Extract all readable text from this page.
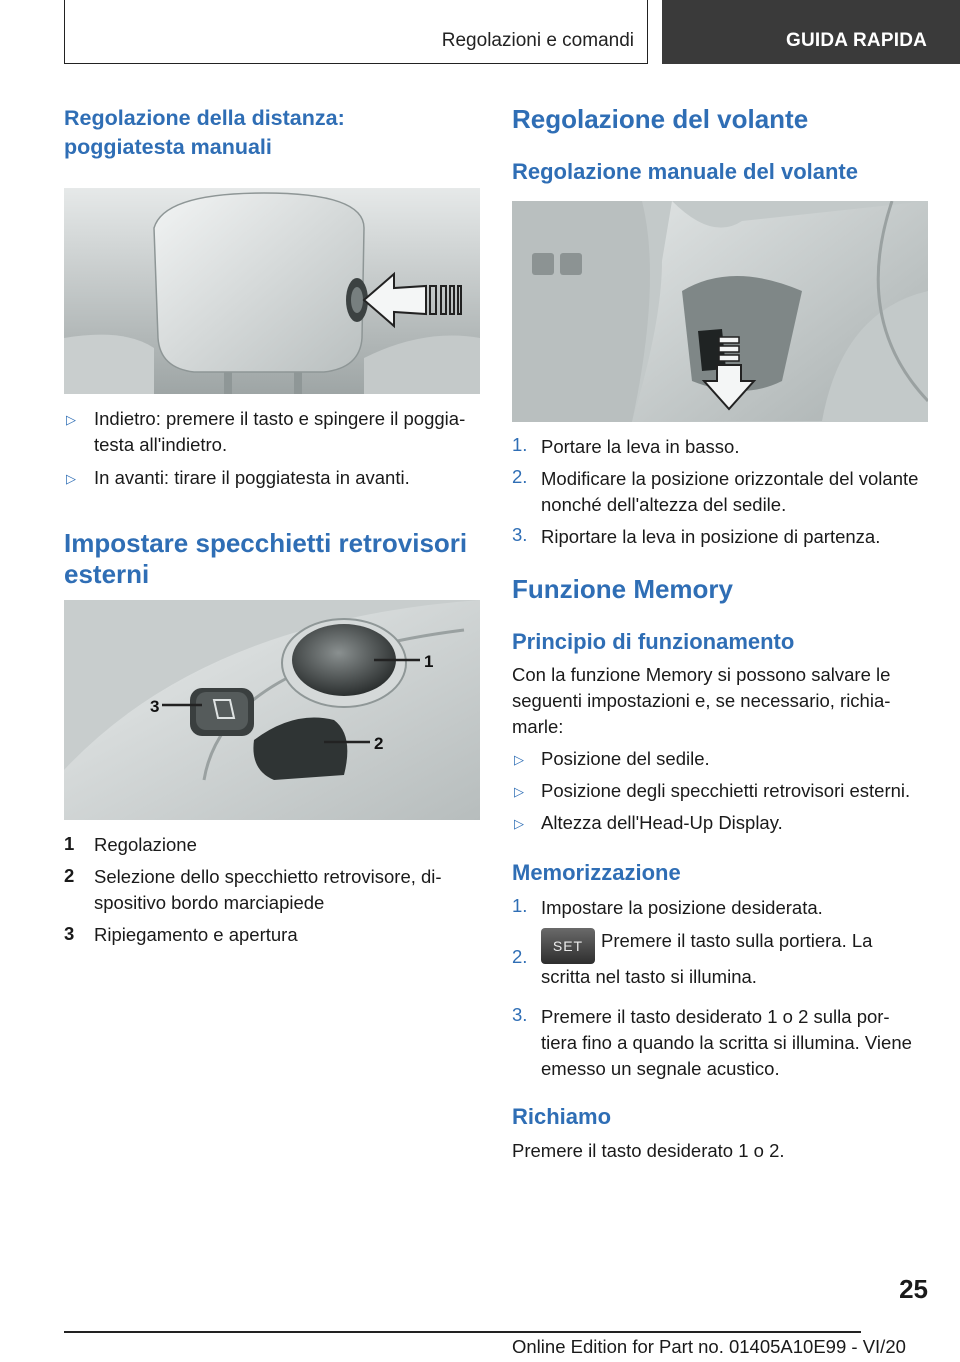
Regolazioni e comandi	GUIDA RAPIDA
Regolazione della distanza:
poggiatesta manuali
▷ Indietro: premere il tasto e spingere il poggia-
testa all'indietro.
▷ In avanti: tirare il poggiatesta in avanti.
Impostare specchietti retrovisori
esterni
1
2
3
1 Regolazione
2 Selezione dello specchietto retrovisore, di-
spositivo bordo marciapiede
3 Ripiegamento e apertura
Regolazione del volante
Regolazione manuale del volante
1. Portare la leva in basso.
2. Modificare la posizione orizzontale del volante
nonché dell'altezza del sedile.
3. Riportare la leva in posizione di partenza.
Funzione Memory
Principio di funzionamento
Con la funzione Memory si possono salvare le
seguenti impostazioni e, se necessario, richia-
marle:
▷ Posizione del sedile.
▷ Posizione degli specchietti retrovisori esterni.
▷ Altezza dell'Head-Up Display.
Memorizzazione
1. Impostare la posizione desiderata.
2.	SET Premere il tasto sulla portiera. La
scritta nel tasto si illumina.
3. Premere il tasto desiderato 1 o 2 sulla por-
tiera fino a quando la scritta si illumina. Viene
emesso un segnale acustico.
Richiamo
Premere il tasto desiderato 1 o 2.
25
Online Edition for Part no. 01405A10E99 - VI/20
